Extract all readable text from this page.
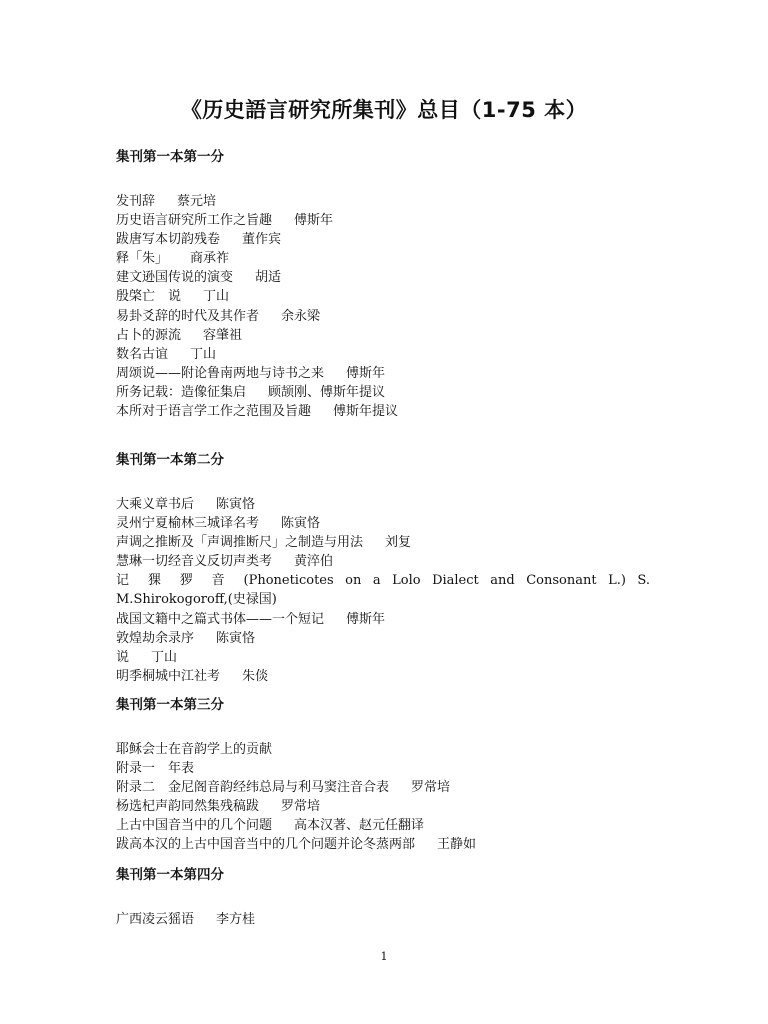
《历史語言研究所集刊》总目（1-75 本）
集刊第一本第一分
发刊辞 蔡元培
历史语言研究所工作之旨趣 傅斯年
跋唐写本切韵残卷 董作宾
释「朱」 商承祚
建文逊国传说的演变 胡适
殷棨亡　说 丁山
易卦爻辞的时代及其作者 余永梁
占卜的源流 容肇祖
数名古谊 丁山
周颂说——附论鲁南两地与诗书之来 傅斯年
所务记载：造像征集启 顾颉刚、傅斯年提议
本所对于语言学工作之范围及旨趣 傅斯年提议
集刊第一本第二分
大乘义章书后 陈寅恪
灵州宁夏榆林三城译名考 陈寅恪
声调之推断及「声调推断尺」之制造与用法 刘复
慧琳一切经音义反切声类考 黄淬伯
记 猓 猡 音 (Phoneticotes on a Lolo Dialect and Consonant L.) S.
M.Shirokogoroff,(史禄国)
战国文籍中之篇式书体——一个短记 傅斯年
敦煌劫余录序 陈寅恪
说 丁山
明季桐城中江社考 朱倓
集刊第一本第三分
耶稣会士在音韵学上的贡献
附录一　年表
附录二　金尼阁音韵经纬总局与利马窦注音合表 罗常培
杨选杞声韵同然集残稿跋 罗常培
上古中国音当中的几个问题 高本汉著、赵元任翻译
跋高本汉的上古中国音当中的几个问题并论冬蒸两部 王静如
集刊第一本第四分
广西凌云猺语 李方桂
1
